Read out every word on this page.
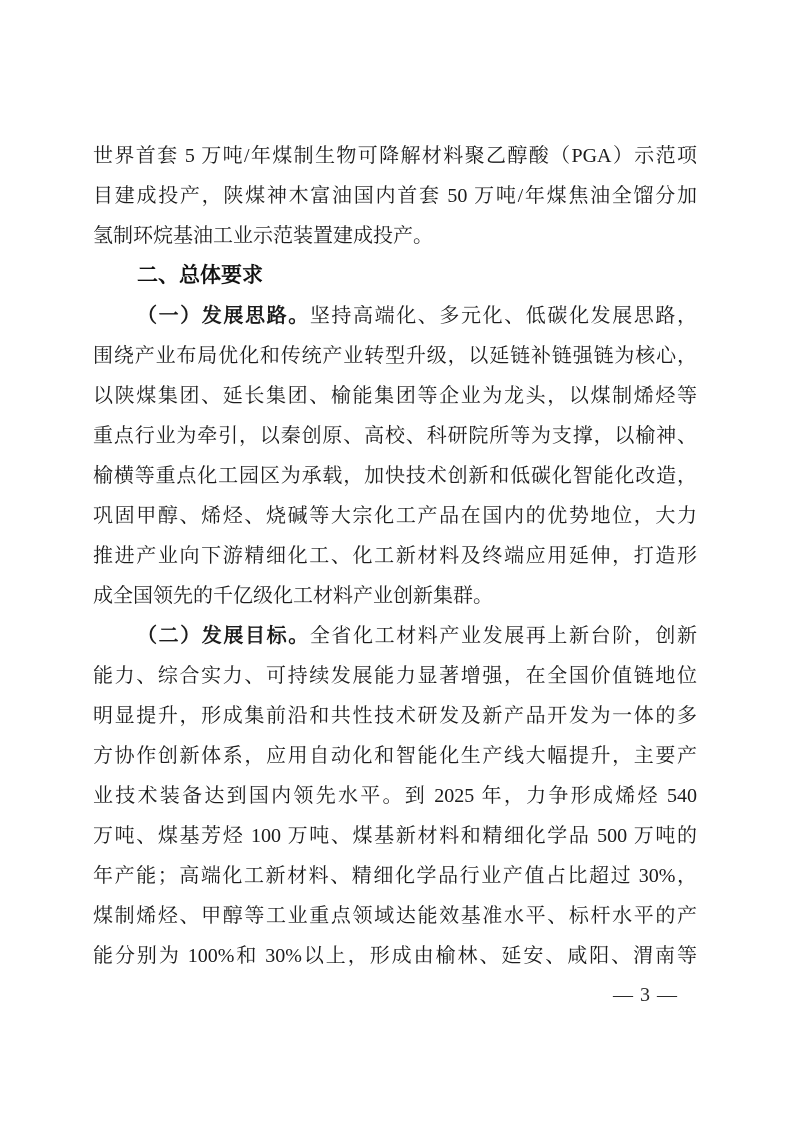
世界首套 5 万吨/年煤制生物可降解材料聚乙醇酸（PGA）示范项
目建成投产，陕煤神木富油国内首套 50 万吨/年煤焦油全馏分加
氢制环烷基油工业示范装置建成投产。
二、总体要求
（一）发展思路。坚持高端化、多元化、低碳化发展思路，
围绕产业布局优化和传统产业转型升级，以延链补链强链为核心，
以陕煤集团、延长集团、榆能集团等企业为龙头，以煤制烯烃等
重点行业为牵引，以秦创原、高校、科研院所等为支撑，以榆神、
榆横等重点化工园区为承载，加快技术创新和低碳化智能化改造，
巩固甲醇、烯烃、烧碱等大宗化工产品在国内的优势地位，大力
推进产业向下游精细化工、化工新材料及终端应用延伸，打造形
成全国领先的千亿级化工材料产业创新集群。
（二）发展目标。全省化工材料产业发展再上新台阶，创新
能力、综合实力、可持续发展能力显著增强，在全国价值链地位
明显提升，形成集前沿和共性技术研发及新产品开发为一体的多
方协作创新体系，应用自动化和智能化生产线大幅提升，主要产
业技术装备达到国内领先水平。到 2025 年，力争形成烯烃 540
万吨、煤基芳烃 100 万吨、煤基新材料和精细化学品 500 万吨的
年产能；高端化工新材料、精细化学品行业产值占比超过 30%，
煤制烯烃、甲醇等工业重点领域达能效基准水平、标杆水平的产
能分别为 100%和 30%以上，形成由榆林、延安、咸阳、渭南等
— 3 —
